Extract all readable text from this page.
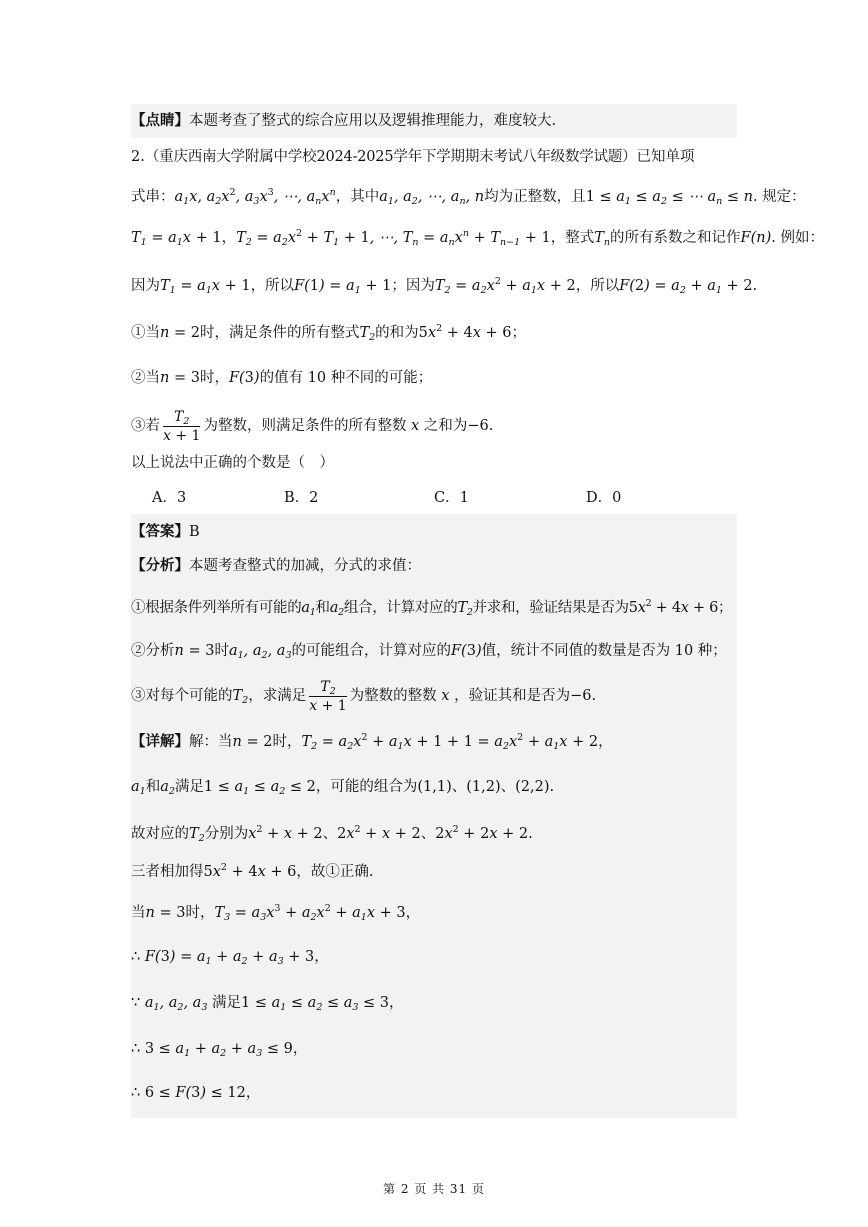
【点睛】本题考查了整式的综合应用以及逻辑推理能力，难度较大.
2.（重庆西南大学附属中学校2024-2025学年下学期期末考试八年级数学试题）已知单项
式串：$a_1x$, $a_2x^2$, $a_3x^3$, ⋯, $a_nx^n$，其中$a_1$, $a_2$, ⋯, $a_n$, n均为正整数，且$1 \le a_1 \le a_2$ ≤ ⋯ $a_n \le n$. 规定：
$T_1 = a_1x + 1$，$T_2 = a_2x^2 + T_1 + 1$, ⋯, $T_n = a_nx^n + T_{n-1} + 1$，整式$T_n$的所有系数之和记作F(n). 例如：
因为$T_1 = a_1x + 1$，所以$F(1) = a_1 + 1$；因为$T_2 = a_2x^2 + a_1x + 2$，所以$F(2) = a_2 + a_1 + 2$.
①当n = 2时，满足条件的所有整式$T_2$的和为$5x^2 + 4x + 6$；
②当n = 3时，F(3)的值有 10 种不同的可能；
③若 $\frac{T_2}{x + 1}$ 为整数，则满足条件的所有整数 x 之和为−6.
以上说法中正确的个数是（　）
A．3	B．2	C．1	D．0
【答案】B
【分析】本题考查整式的加减，分式的求值：
①根据条件列举所有可能的$a_1$和$a_2$组合，计算对应的$T_2$并求和，验证结果是否为$5x^2 + 4x + 6$；
②分析n = 3时$a_1$, $a_2$, $a_3$的可能组合，计算对应的F(3)值，统计不同值的数量是否为 10 种；
③对每个可能的$T_2$，求满足 $\frac{T_2}{x + 1}$ 为整数的整数 x ，验证其和是否为−6.
【详解】解：当n = 2时，$T_2 = a_2x^2 + a_1x + 1 + 1 = a_2x^2 + a_1x + 2$，
$a_1$和$a_2$满足$1 \le a_1 \le a_2 \le 2$，可能的组合为(1,1)、(1,2)、(2,2).
故对应的$T_2$分别为$x^2 + x + 2$、$2x^2 + x + 2$、$2x^2 + 2x + 2$.
三者相加得$5x^2 + 4x + 6$，故①正确.
当n = 3时，$T_3 = a_3x^3 + a_2x^2 + a_1x + 3$，
∴ $F(3) = a_1 + a_2 + a_3 + 3$，
∵ $a_1$, $a_2$, $a_3$ 满足$1 \le a_1 \le a_2 \le a_3 \le 3$，
∴ $3 \le a_1 + a_2 + a_3 \le 9$，
∴ 6 ≤ F(3) ≤ 12，
第 2 页 共 31 页
